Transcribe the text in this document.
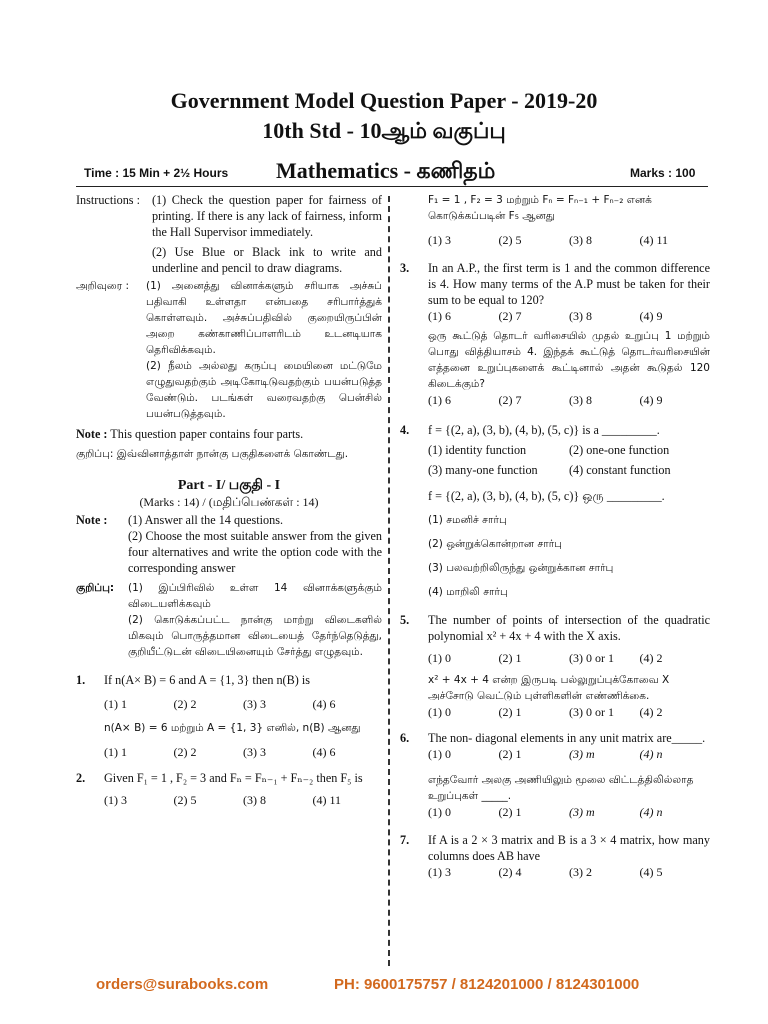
Government Model Question Paper - 2019-20
10th Std - 10ஆம் வகுப்பு
Time : 15 Min + 2½ Hours Mathematics - கணிதம்	Marks : 100
Instructions : (1) Check the question paper for fairness of printing. If there is any lack of fairness, inform the Hall Supervisor immediately.

(2) Use Blue or Black ink to write and underline and pencil to draw diagrams.

அறிவுரை :	(1) அனைத்து வினாக்களும் சரியாக அச்சுப் பதிவாகி உள்ளதா என்பதை சரிபார்த்துக் கொள்ளவும். அச்சுப்பதிவில் குறையிருப்பின் அறை கண்காணிப்பாளரிடம் உடனடியாக தெரிவிக்கவும்.

(2) நீலம் அல்லது கருப்பு மையினை மட்டுமே எழுதுவதற்கும் அடிகோடிடுவதற்கும் பயன்படுத்த வேண்டும். படங்கள் வரைவதற்கு பென்சில் பயன்படுத்தவும்.

Note : This question paper contains four parts.
குறிப்பு: இவ்வினாத்தாள் நான்கு பகுதிகளைக் கொண்டது.
Part - I/ பகுதி - I
(Marks : 14) / (மதிப்பெண்கள் : 14)
Note :	(1) Answer all the 14 questions.

(2) Choose the most suitable answer from the given four alternatives and write the option code with the corresponding answer

குறிப்பு:	(1) இப்பிரிவில் உள்ள 14 வினாக்களுக்கும் விடையளிக்கவும்

(2) கொடுக்கப்பட்ட நான்கு மாற்று விடைகளில் மிகவும் பொருத்தமான விடையைத் தேர்ந்தெடுத்து, குறியீட்டுடன் விடையினையும் சேர்த்து எழுதவும்.

1. If n(A× B) = 6 and A = {1, 3} then n(B) is
(1) 1	(2) 2	(3) 3	(4) 6
n(A× B) = 6 மற்றும் A = {1, 3} எனில், n(B) ஆனது
(1) 1	(2) 2	(3) 3	(4) 6
2. Given F₁ = 1 , F₂ = 3 and Fₙ = Fₙ₋₁ + Fₙ₋₂ then F₅ is
(1) 3	(2) 5	(3) 8	(4) 11
F₁ = 1 , F₂ = 3 மற்றும் Fₙ = Fₙ₋₁ + Fₙ₋₂ எனக் கொடுக்கப்படின் F₅ ஆனது
(1) 3	(2) 5	(3) 8	(4) 11
3. In an A.P., the first term is 1 and the common difference is 4. How many terms of the A.P must be taken for their sum to be equal to 120?
(1) 6	(2) 7	(3) 8	(4) 9
ஒரு கூட்டுத் தொடர் வரிசையில் முதல் உறுப்பு 1 மற்றும் பொது வித்தியாசம் 4. இந்தக் கூட்டுத் தொடர்வரிசையின் எத்தனை உறுப்புகளைக் கூட்டினால் அதன் கூடுதல் 120 கிடைக்கும்?
(1) 6	(2) 7	(3) 8	(4) 9
4. f = {(2, a), (3, b), (4, b), (5, c)} is a _________.
(1) identity function	(2) one-one function
(3) many-one function	(4) constant function
f = {(2, a), (3, b), (4, b), (5, c)} ஒரு _________.
(1) சமனிச் சார்பு
(2) ஒன்றுக்கொன்றான சார்பு
(3) பலவற்றிலிருந்து ஒன்றுக்கான சார்பு
(4) மாறிலி சார்பு
5. The number of points of intersection of the quadratic polynomial x² + 4x + 4 with the X axis.
(1) 0	(2) 1	(3) 0 or 1	(4) 2
x² + 4x + 4 என்ற இருபடி பல்லுறுப்புக்கோவை X அச்சோடு வெட்டும் புள்ளிகளின் எண்ணிக்கை.
(1) 0	(2) 1	(3) 0 or 1	(4) 2
6. The non- diagonal elements in any unit matrix are_____.
(1) 0	(2) 1	(3) m	(4) n
எந்தவோர் அலகு அணியிலும் மூலை விட்டத்திலில்லாத உறுப்புகள் _____.
(1) 0	(2) 1	(3) m	(4) n
7. If A is a 2 × 3 matrix and B is a 3 × 4 matrix, how many columns does AB have
(1) 3	(2) 4	(3) 2	(4) 5
orders@surabooks.com	PH: 9600175757 / 8124201000 / 8124301000
